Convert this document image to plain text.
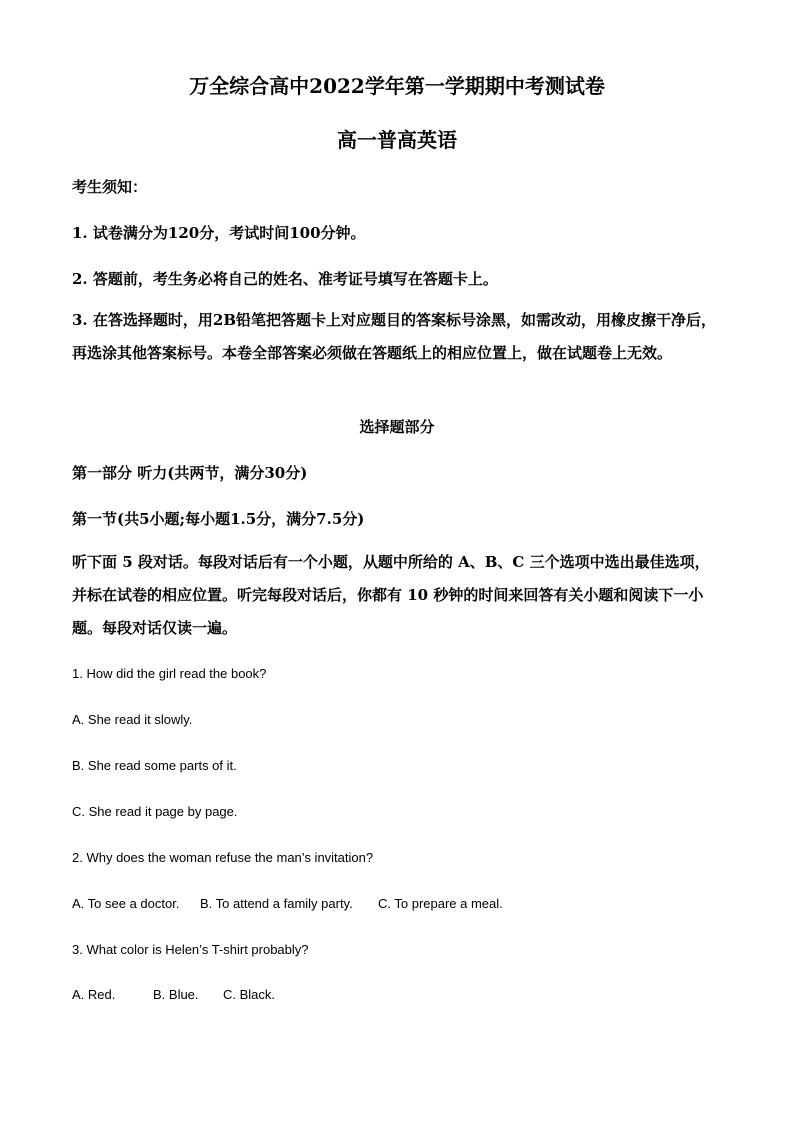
万全综合高中2022学年第一学期期中考测试卷
高一普高英语

考生须知：

1. 试卷满分为120分，考试时间100分钟。

2. 答题前，考生务必将自己的姓名、准考证号填写在答题卡上。

3. 在答选择题时，用2B铅笔把答题卡上对应题目的答案标号涂黑，如需改动，用橡皮擦干净后，再选涂其他答案标号。本卷全部答案必须做在答题纸上的相应位置上，做在试题卷上无效。

选择题部分

第一部分 听力(共两节，满分30分)

第一节(共5小题;每小题1.5分，满分7.5分)

听下面 5 段对话。每段对话后有一个小题，从题中所给的 A、B、C 三个选项中选出最佳选项，并标在试卷的相应位置。听完每段对话后，你都有 10 秒钟的时间来回答有关小题和阅读下一小题。每段对话仅读一遍。

1. How did the girl read the book?

A. She read it slowly.

B. She read some parts of it.

C. She read it page by page.

2. Why does the woman refuse the man’s invitation?

A. To see a doctor. B. To attend a family party. C. To prepare a meal.

3. What color is Helen’s T-shirt probably?

A. Red.	B. Blue. C. Black.
